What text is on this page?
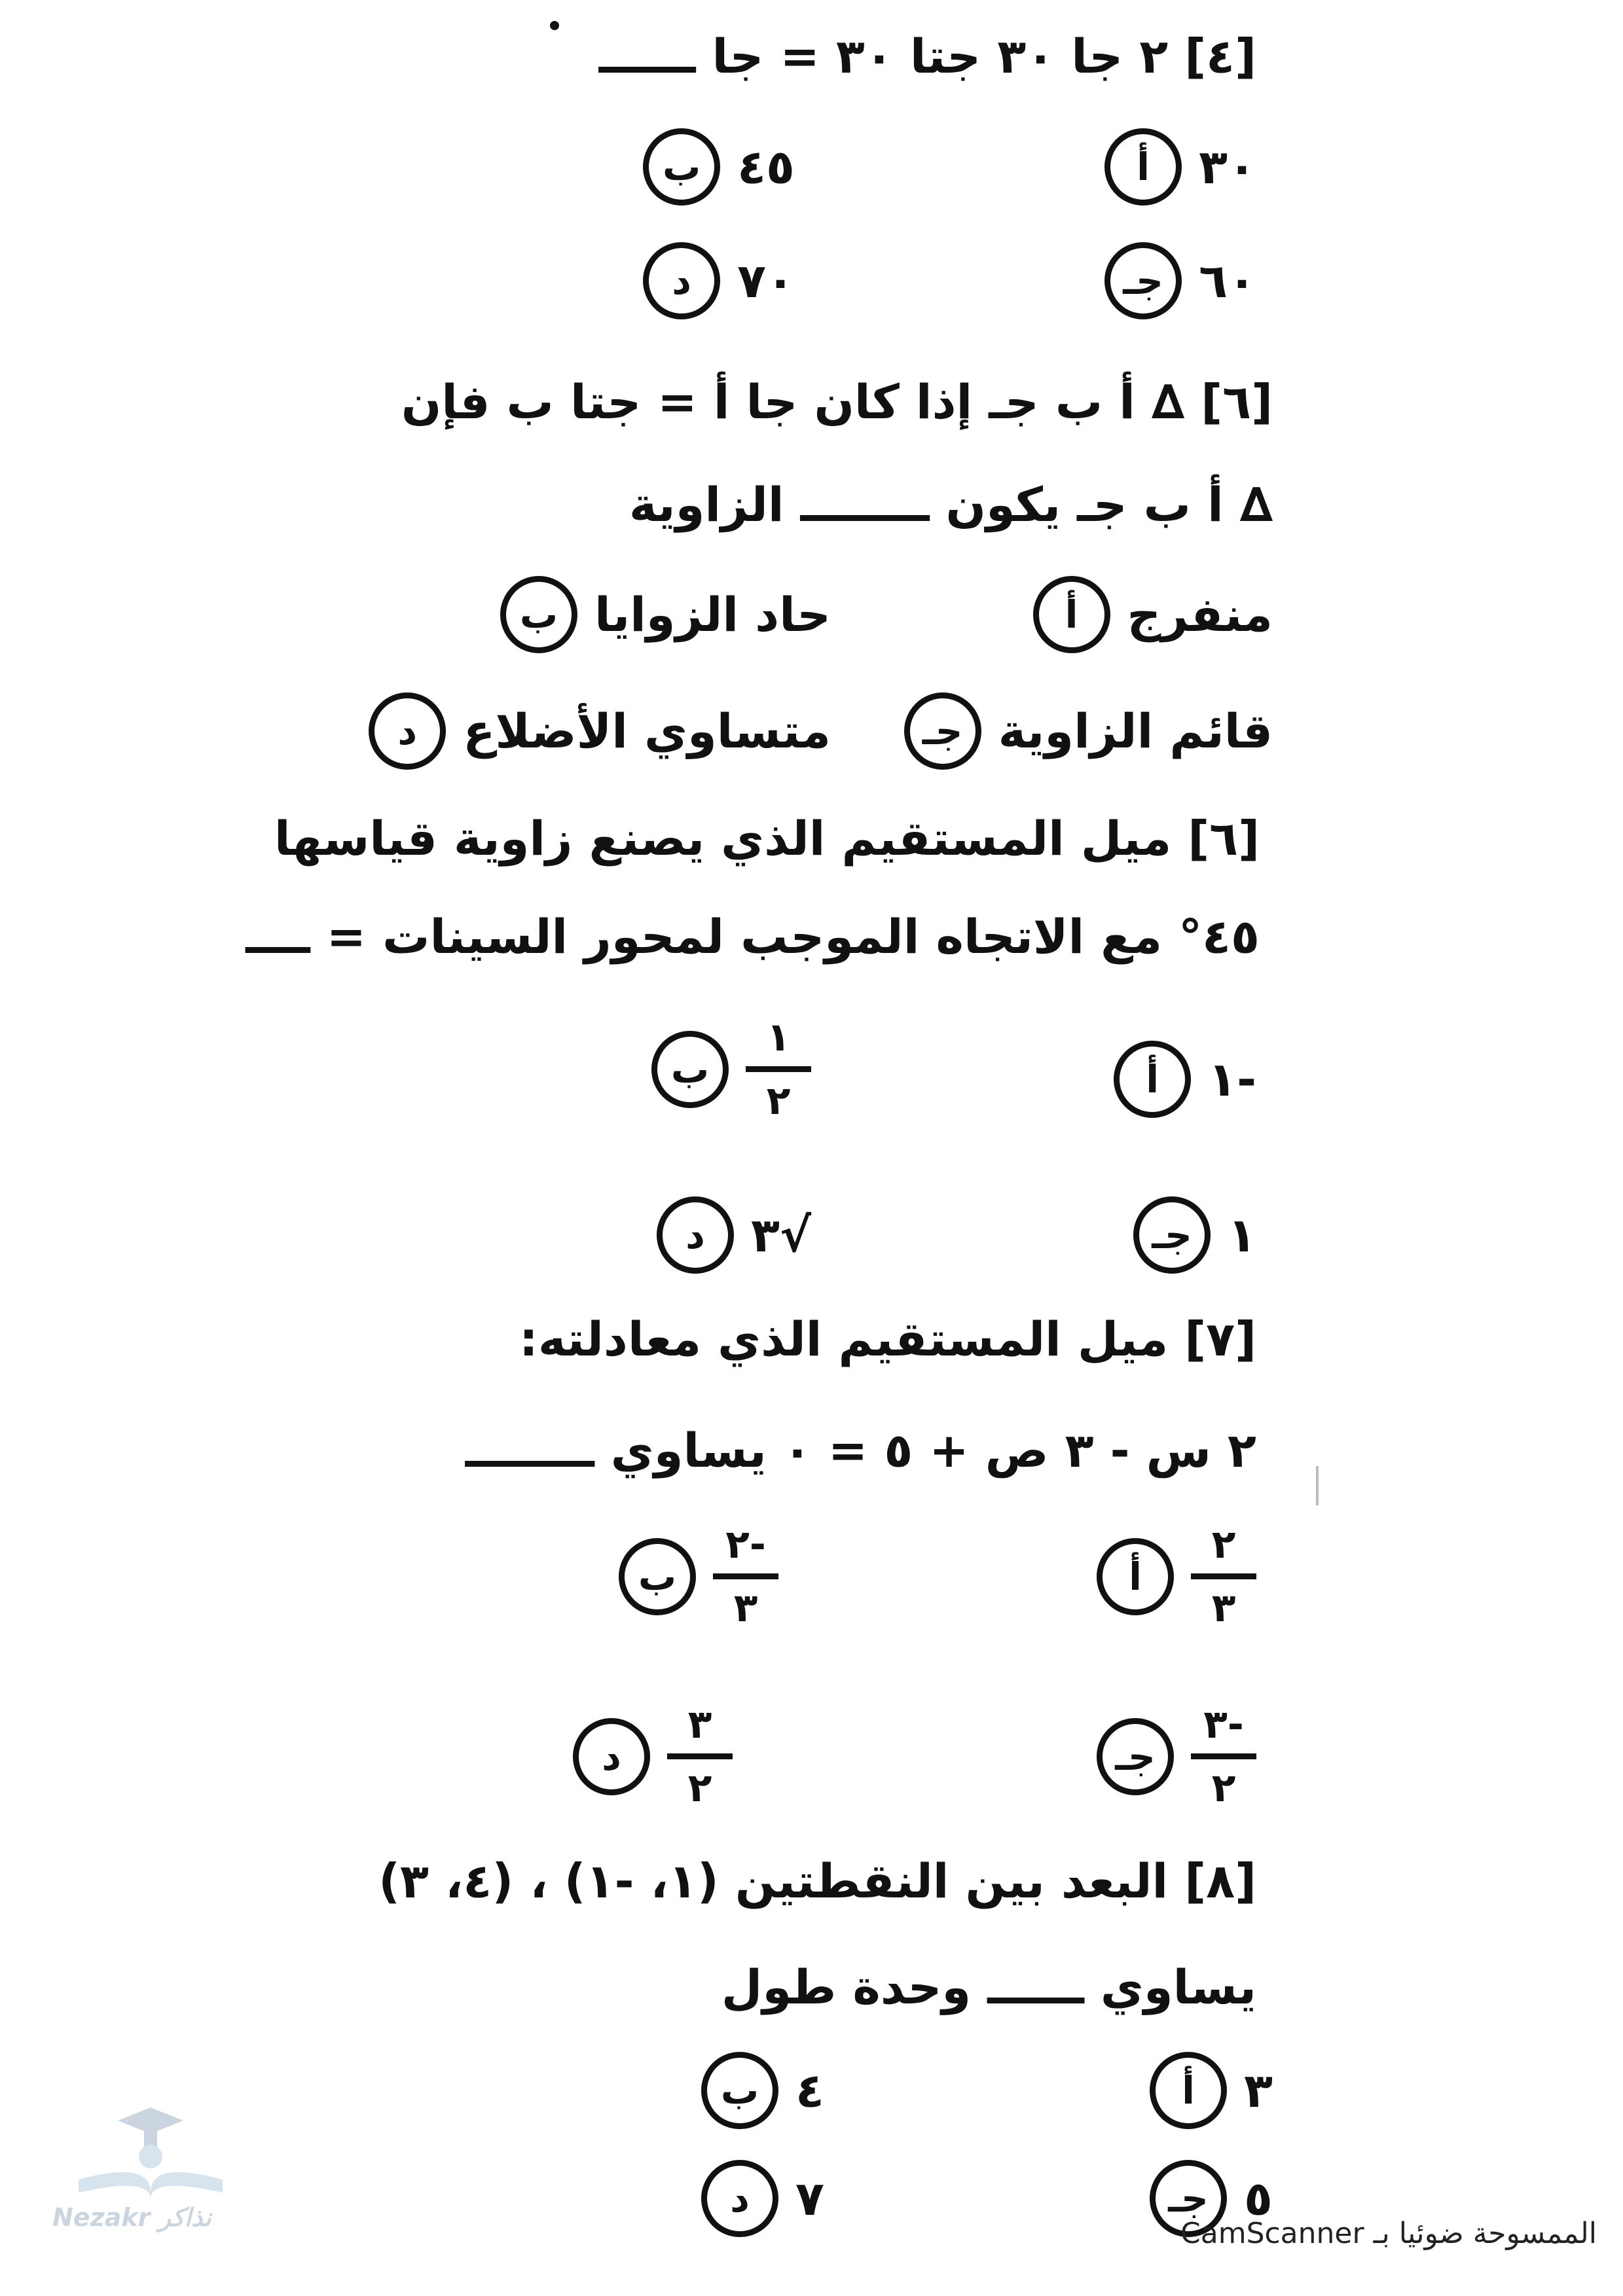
[٤] ٢ جا ٣٠ جتا ٣٠ = جا ــــــ
أ	٣٠
ب ٤٥
جـ ٦٠
د ٧٠
[٦] ∆ أ ب جـ إذا كان جا أ = جتا ب فإن
∆ أ ب جـ يكون ــــــــ الزاوية
أ	منفرج
ب حاد الزوايا
جـ قائم الزاوية
د متساوي الأضلاع
[٦] ميل المستقيم الذي يصنع زاوية قياسها
٤٥° مع الاتجاه الموجب لمحور السينات = ــــ
أ	-١
ب
١
٢
جـ ١
د √٣
[٧] ميل المستقيم الذي معادلته:
٢ س - ٣ ص + ٥ = ٠ يساوي ــــــــ
أ
٢
٣
ب
-٢
٣
جـ
-٣
٢
د
٣
٢
[٨] البعد بين النقطتين (١، -١) ، (٤، ٣)
يساوي ــــــ وحدة طول
أ	٣
ب ٤
جـ ٥
د ٧
Nezakr نذاكر	الممسوحة ضوئيا بـ CamScanner
